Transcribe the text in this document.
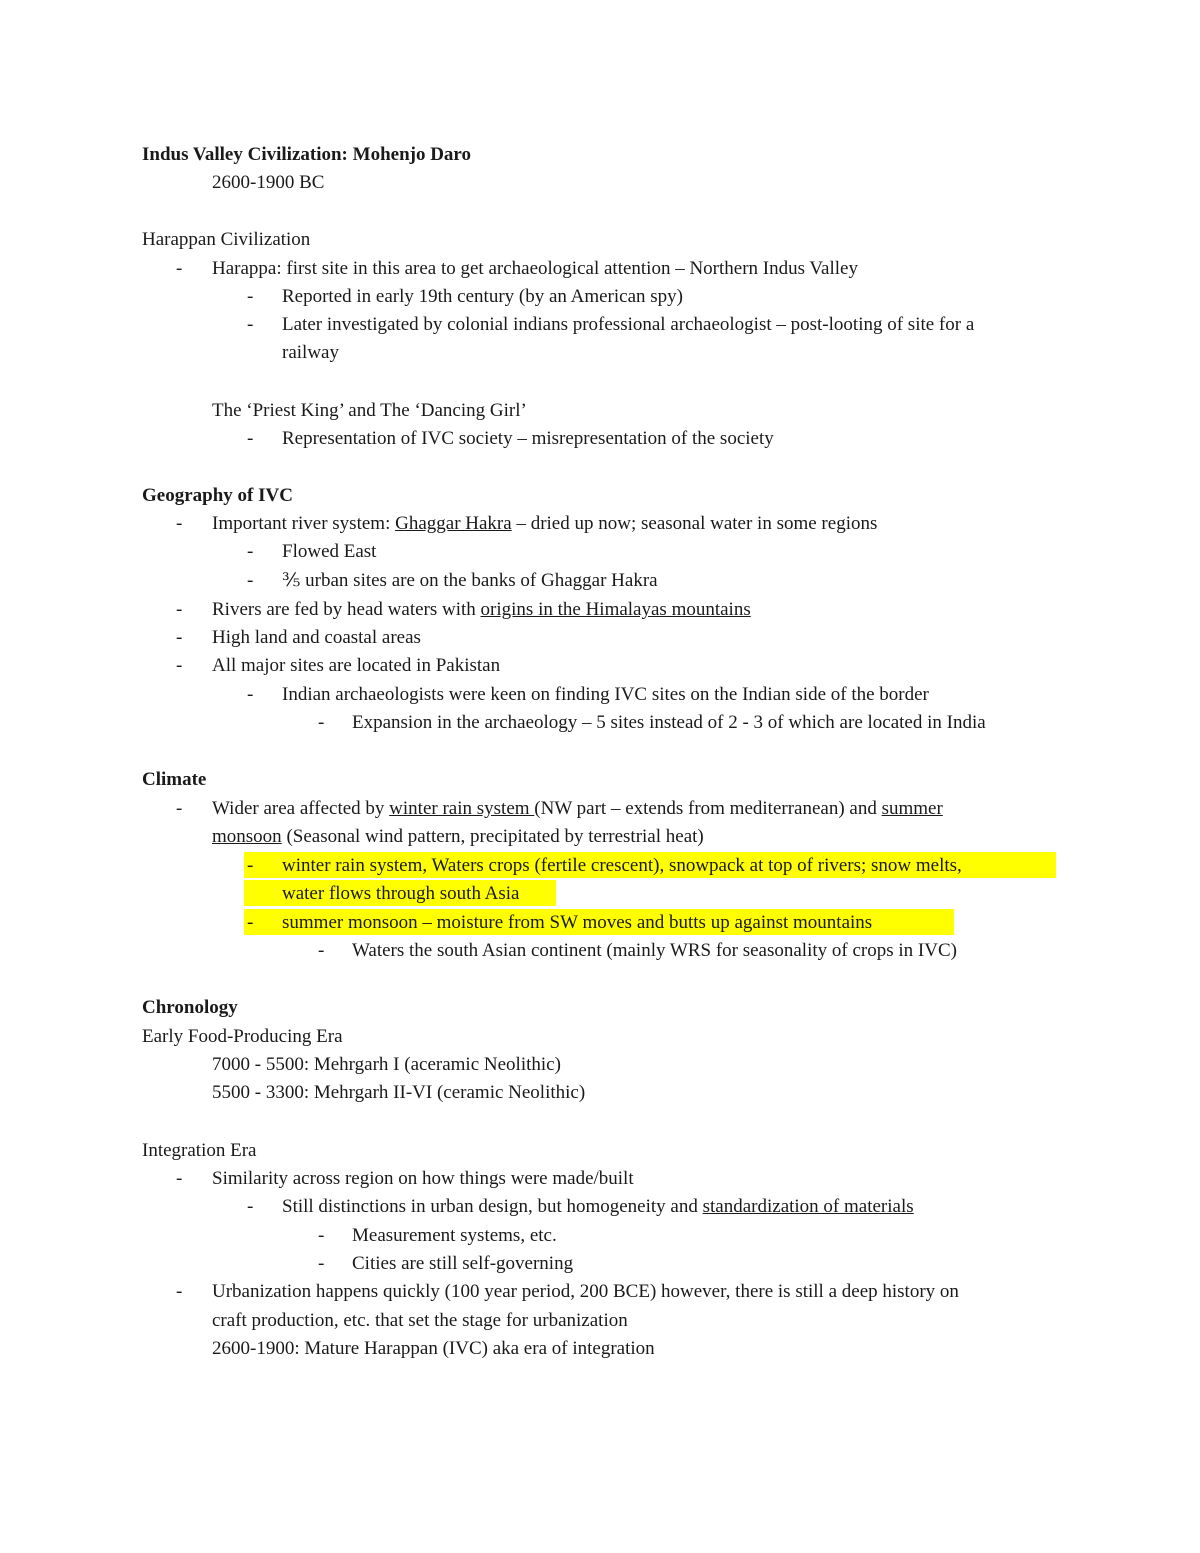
Indus Valley Civilization: Mohenjo Daro
2600-1900 BC
Harappan Civilization
-	Harappa: first site in this area to get archaeological attention – Northern Indus Valley
-	Reported in early 19th century (by an American spy)
-	Later investigated by colonial indians professional archaeologist – post-looting of site for a
railway
The ‘Priest King’ and The ‘Dancing Girl’
-	Representation of IVC society – misrepresentation of the society
Geography of IVC
-	Important river system: Ghaggar Hakra – dried up now; seasonal water in some regions
-	Flowed East
-	⅗ urban sites are on the banks of Ghaggar Hakra
-	Rivers are fed by head waters with origins in the Himalayas mountains
-	High land and coastal areas
-	All major sites are located in Pakistan
-	Indian archaeologists were keen on finding IVC sites on the Indian side of the border
-	Expansion in the archaeology – 5 sites instead of 2 - 3 of which are located in India
Climate
-	Wider area affected by winter rain system (NW part – extends from mediterranean) and summer
monsoon (Seasonal wind pattern, precipitated by terrestrial heat)
-	winter rain system, Waters crops (fertile crescent), snowpack at top of rivers; snow melts,
water flows through south Asia
-	summer monsoon – moisture from SW moves and butts up against mountains
-	Waters the south Asian continent (mainly WRS for seasonality of crops in IVC)
Chronology
Early Food-Producing Era
7000 - 5500: Mehrgarh I (aceramic Neolithic)
5500 - 3300: Mehrgarh II-VI (ceramic Neolithic)
Integration Era
-	Similarity across region on how things were made/built
-	Still distinctions in urban design, but homogeneity and standardization of materials
-	Measurement systems, etc.
-	Cities are still self-governing
-	Urbanization happens quickly (100 year period, 200 BCE) however, there is still a deep history on
craft production, etc. that set the stage for urbanization
2600-1900: Mature Harappan (IVC) aka era of integration
